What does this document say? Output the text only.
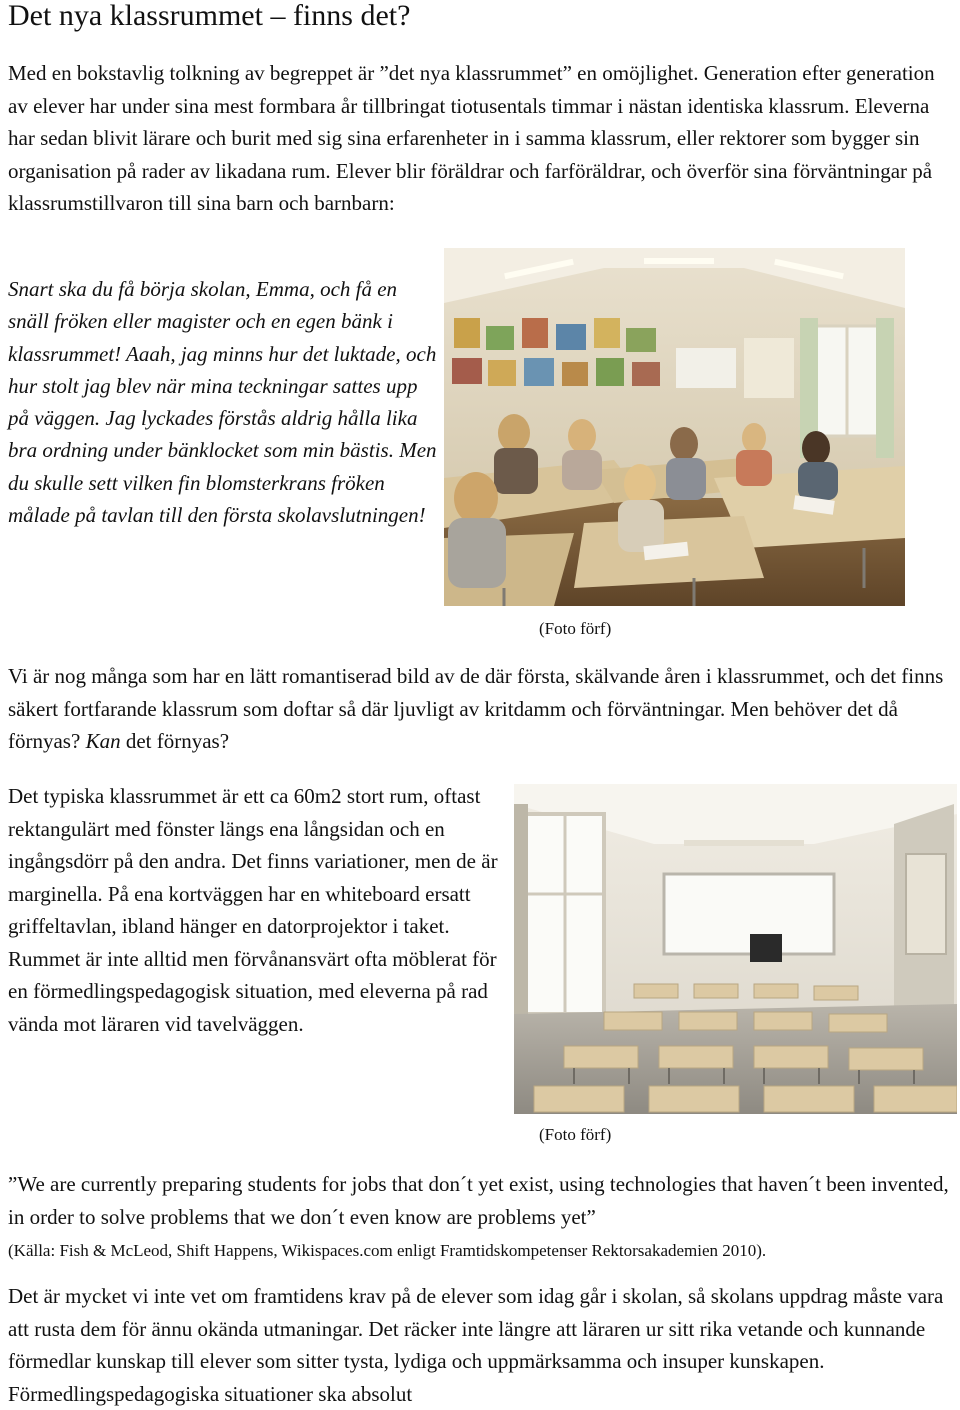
Det nya klassrummet – finns det?

Med en bokstavlig tolkning av begreppet är ”det nya klassrummet” en omöjlighet. Generation efter generation av elever har under sina mest formbara år tillbringat tiotusentals timmar i nästan identiska klassrum. Eleverna har sedan blivit lärare och burit med sig sina erfarenheter in i samma klassrum, eller rektorer som bygger sin organisation på rader av likadana rum. Elever blir föräldrar och farföräldrar, och överför sina förväntningar på klassrumstillvaron till sina barn och barnbarn:

Snart ska du få börja skolan, Emma, och få en snäll fröken eller magister och en egen bänk i klassrummet! Aaah, jag minns hur det luktade, och hur stolt jag blev när mina teckningar sattes upp på väggen. Jag lyckades förstås aldrig hålla lika bra ordning under bänklocket som min bästis. Men du skulle sett vilken fin blomsterkrans fröken målade på tavlan till den första skolavslutningen!

(Foto förf)

Vi är nog många som har en lätt romantiserad bild av de där första, skälvande åren i klassrummet, och det finns säkert fortfarande klassrum som doftar så där ljuvligt av kritdamm och förväntningar. Men behöver det då förnyas? Kan det förnyas?

Det typiska klassrummet är ett ca 60m2 stort rum, oftast rektangulärt med fönster längs ena långsidan och en ingångsdörr på den andra. Det finns variationer, men de är marginella. På ena kortväggen har en whiteboard ersatt griffeltavlan, ibland hänger en datorprojektor i taket. Rummet är inte alltid men förvånansvärt ofta möblerat för en förmedlingspedagogisk situation, med eleverna på rad vända mot läraren vid tavelväggen.

(Foto förf)

”We are currently preparing students for jobs that don´t yet exist, using technologies that haven´t been invented, in order to solve problems that we don´t even know are problems yet”
(Källa: Fish & McLeod, Shift Happens, Wikispaces.com enligt Framtidskompetenser Rektorsakademien 2010).

Det är mycket vi inte vet om framtidens krav på de elever som idag går i skolan, så skolans uppdrag måste vara att rusta dem för ännu okända utmaningar. Det räcker inte längre att läraren ur sitt rika vetande och kunnande förmedlar kunskap till elever som sitter tysta, lydiga och uppmärksamma och insuper kunskapen. Förmedlingspedagogiska situationer ska absolut
